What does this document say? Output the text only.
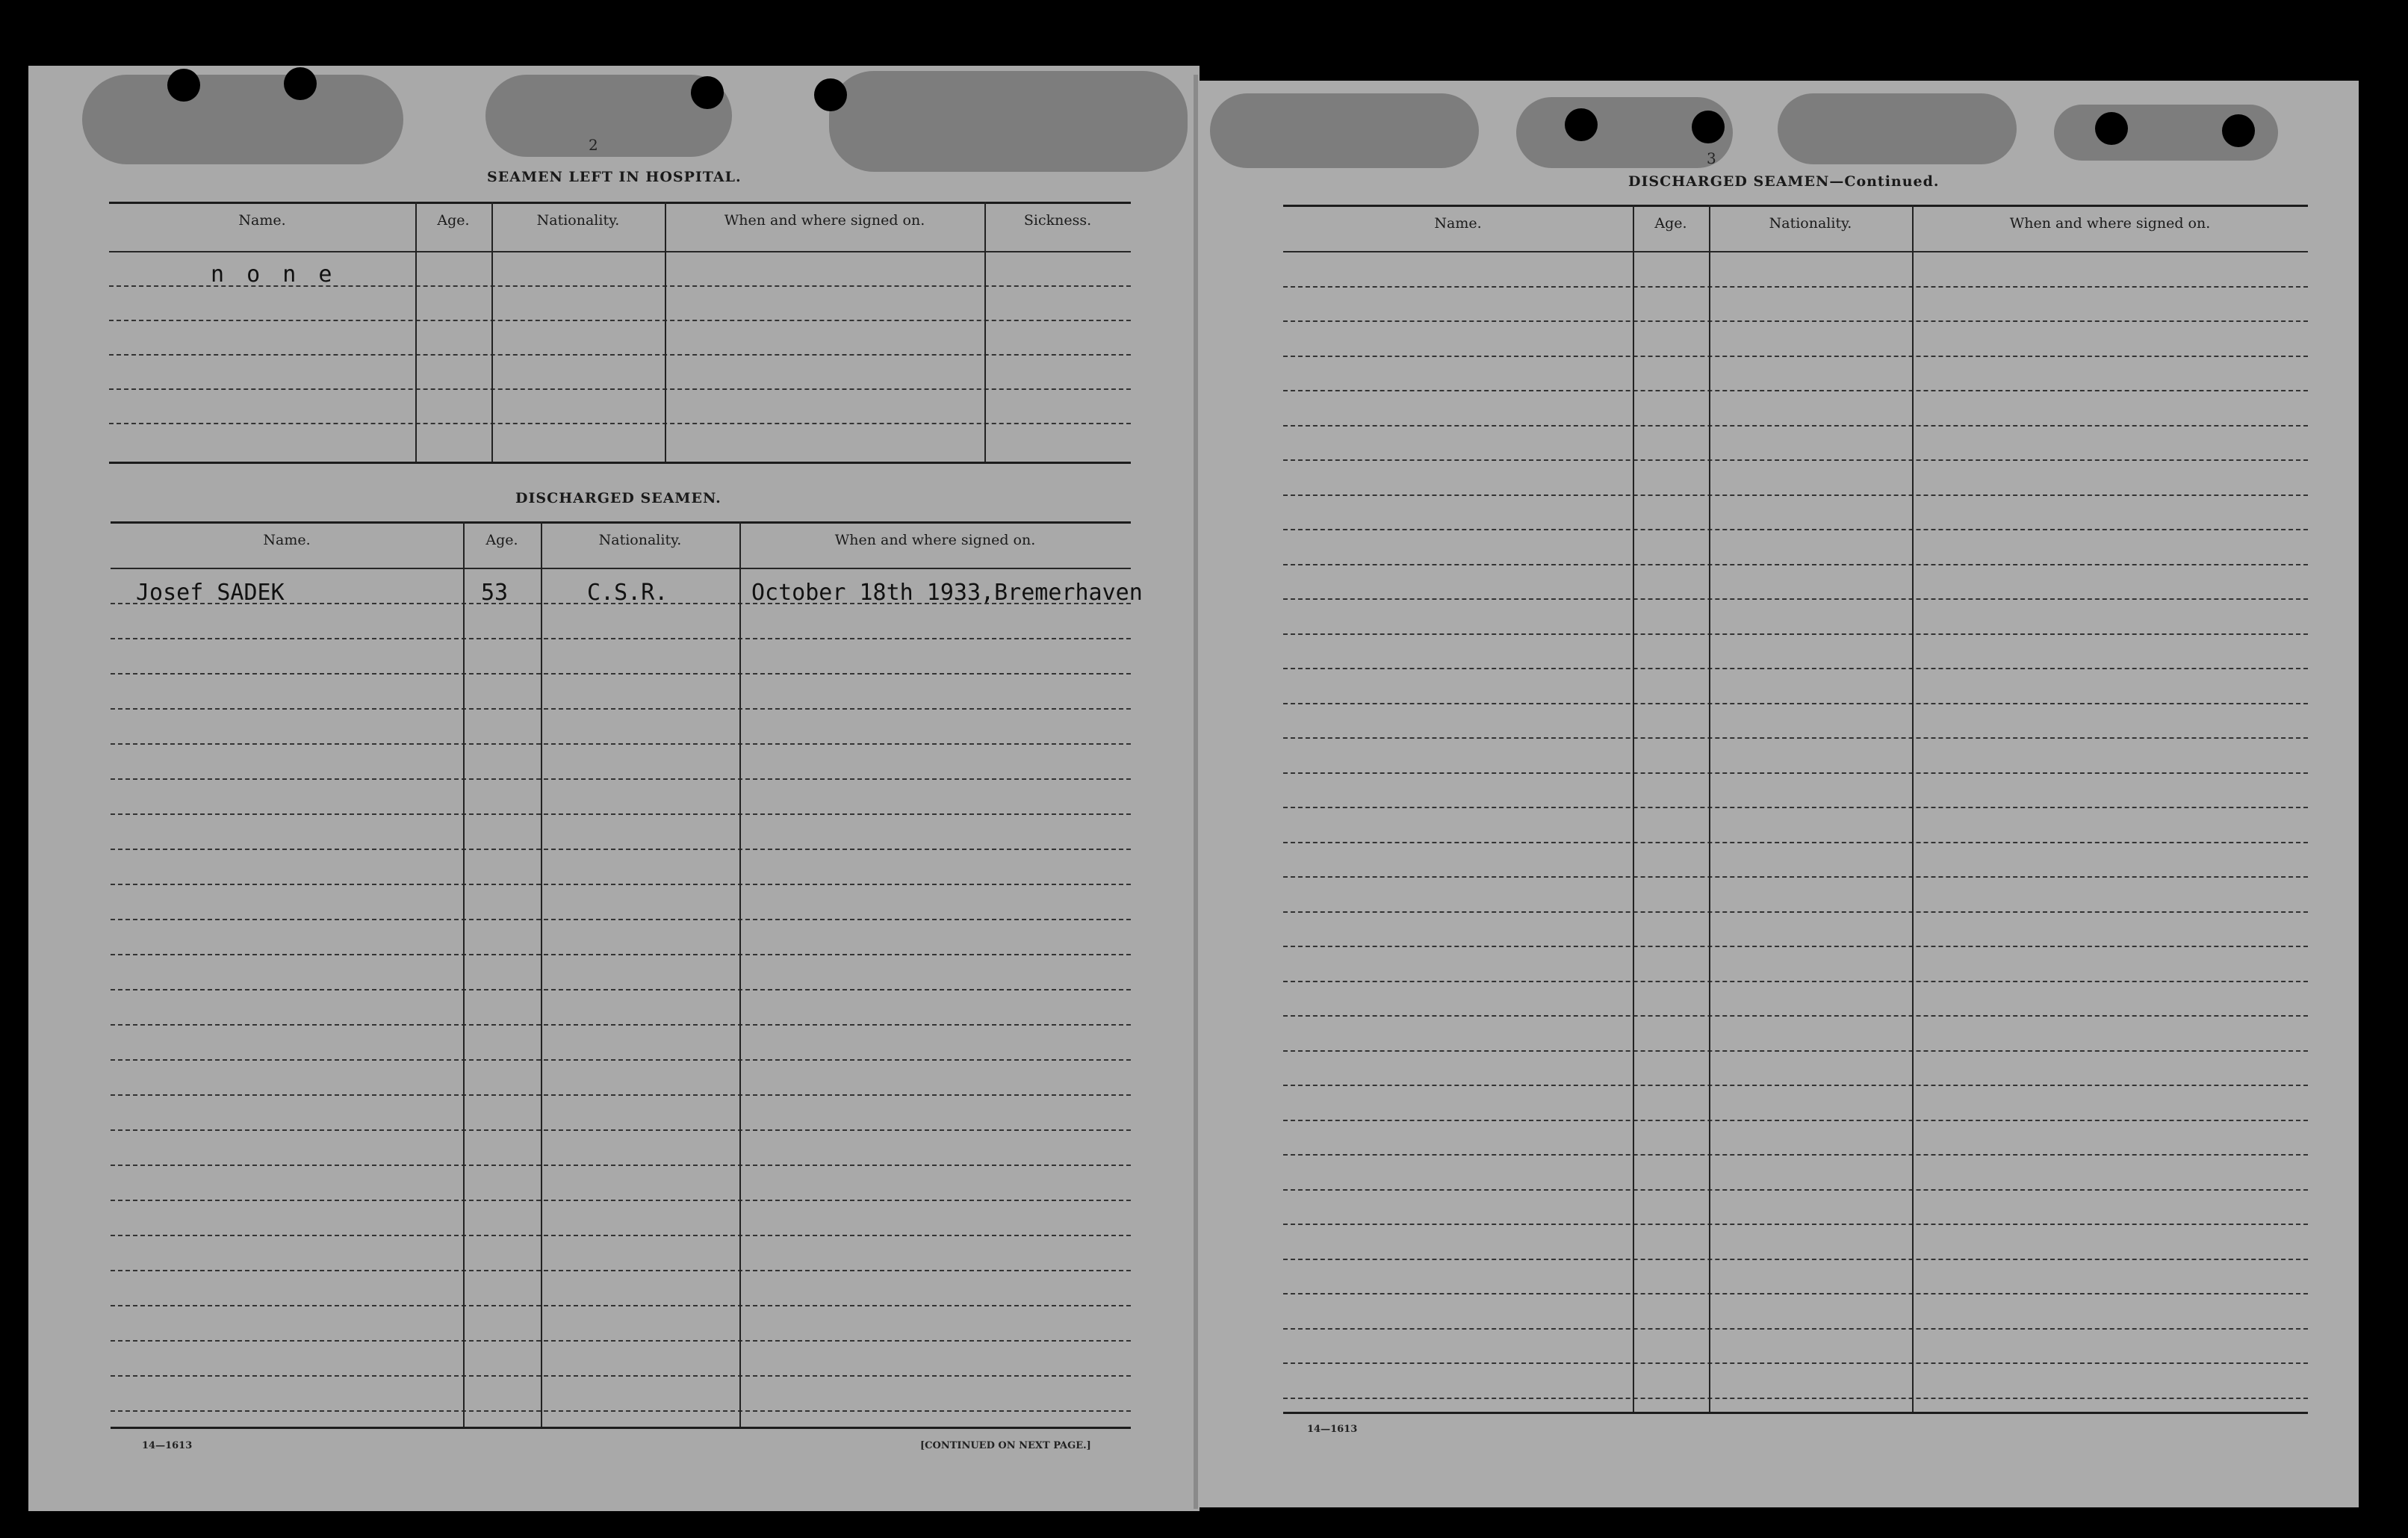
2
SEAMEN LEFT IN HOSPITAL.
DISCHARGED SEAMEN.
14—1613	[CONTINUED ON NEXT PAGE.]
3
DISCHARGED SEAMEN—Continued.
14—1613
Name.	Age.	Nationality.	When and where signed on.	Sickness.
Name.	Age.	Nationality.	When and where signed on.
Name.	Age.	Nationality.	When and where signed on.
n o n e
Josef SADEK	53	C.S.R.	October 18th 1933,Bremerhaven
